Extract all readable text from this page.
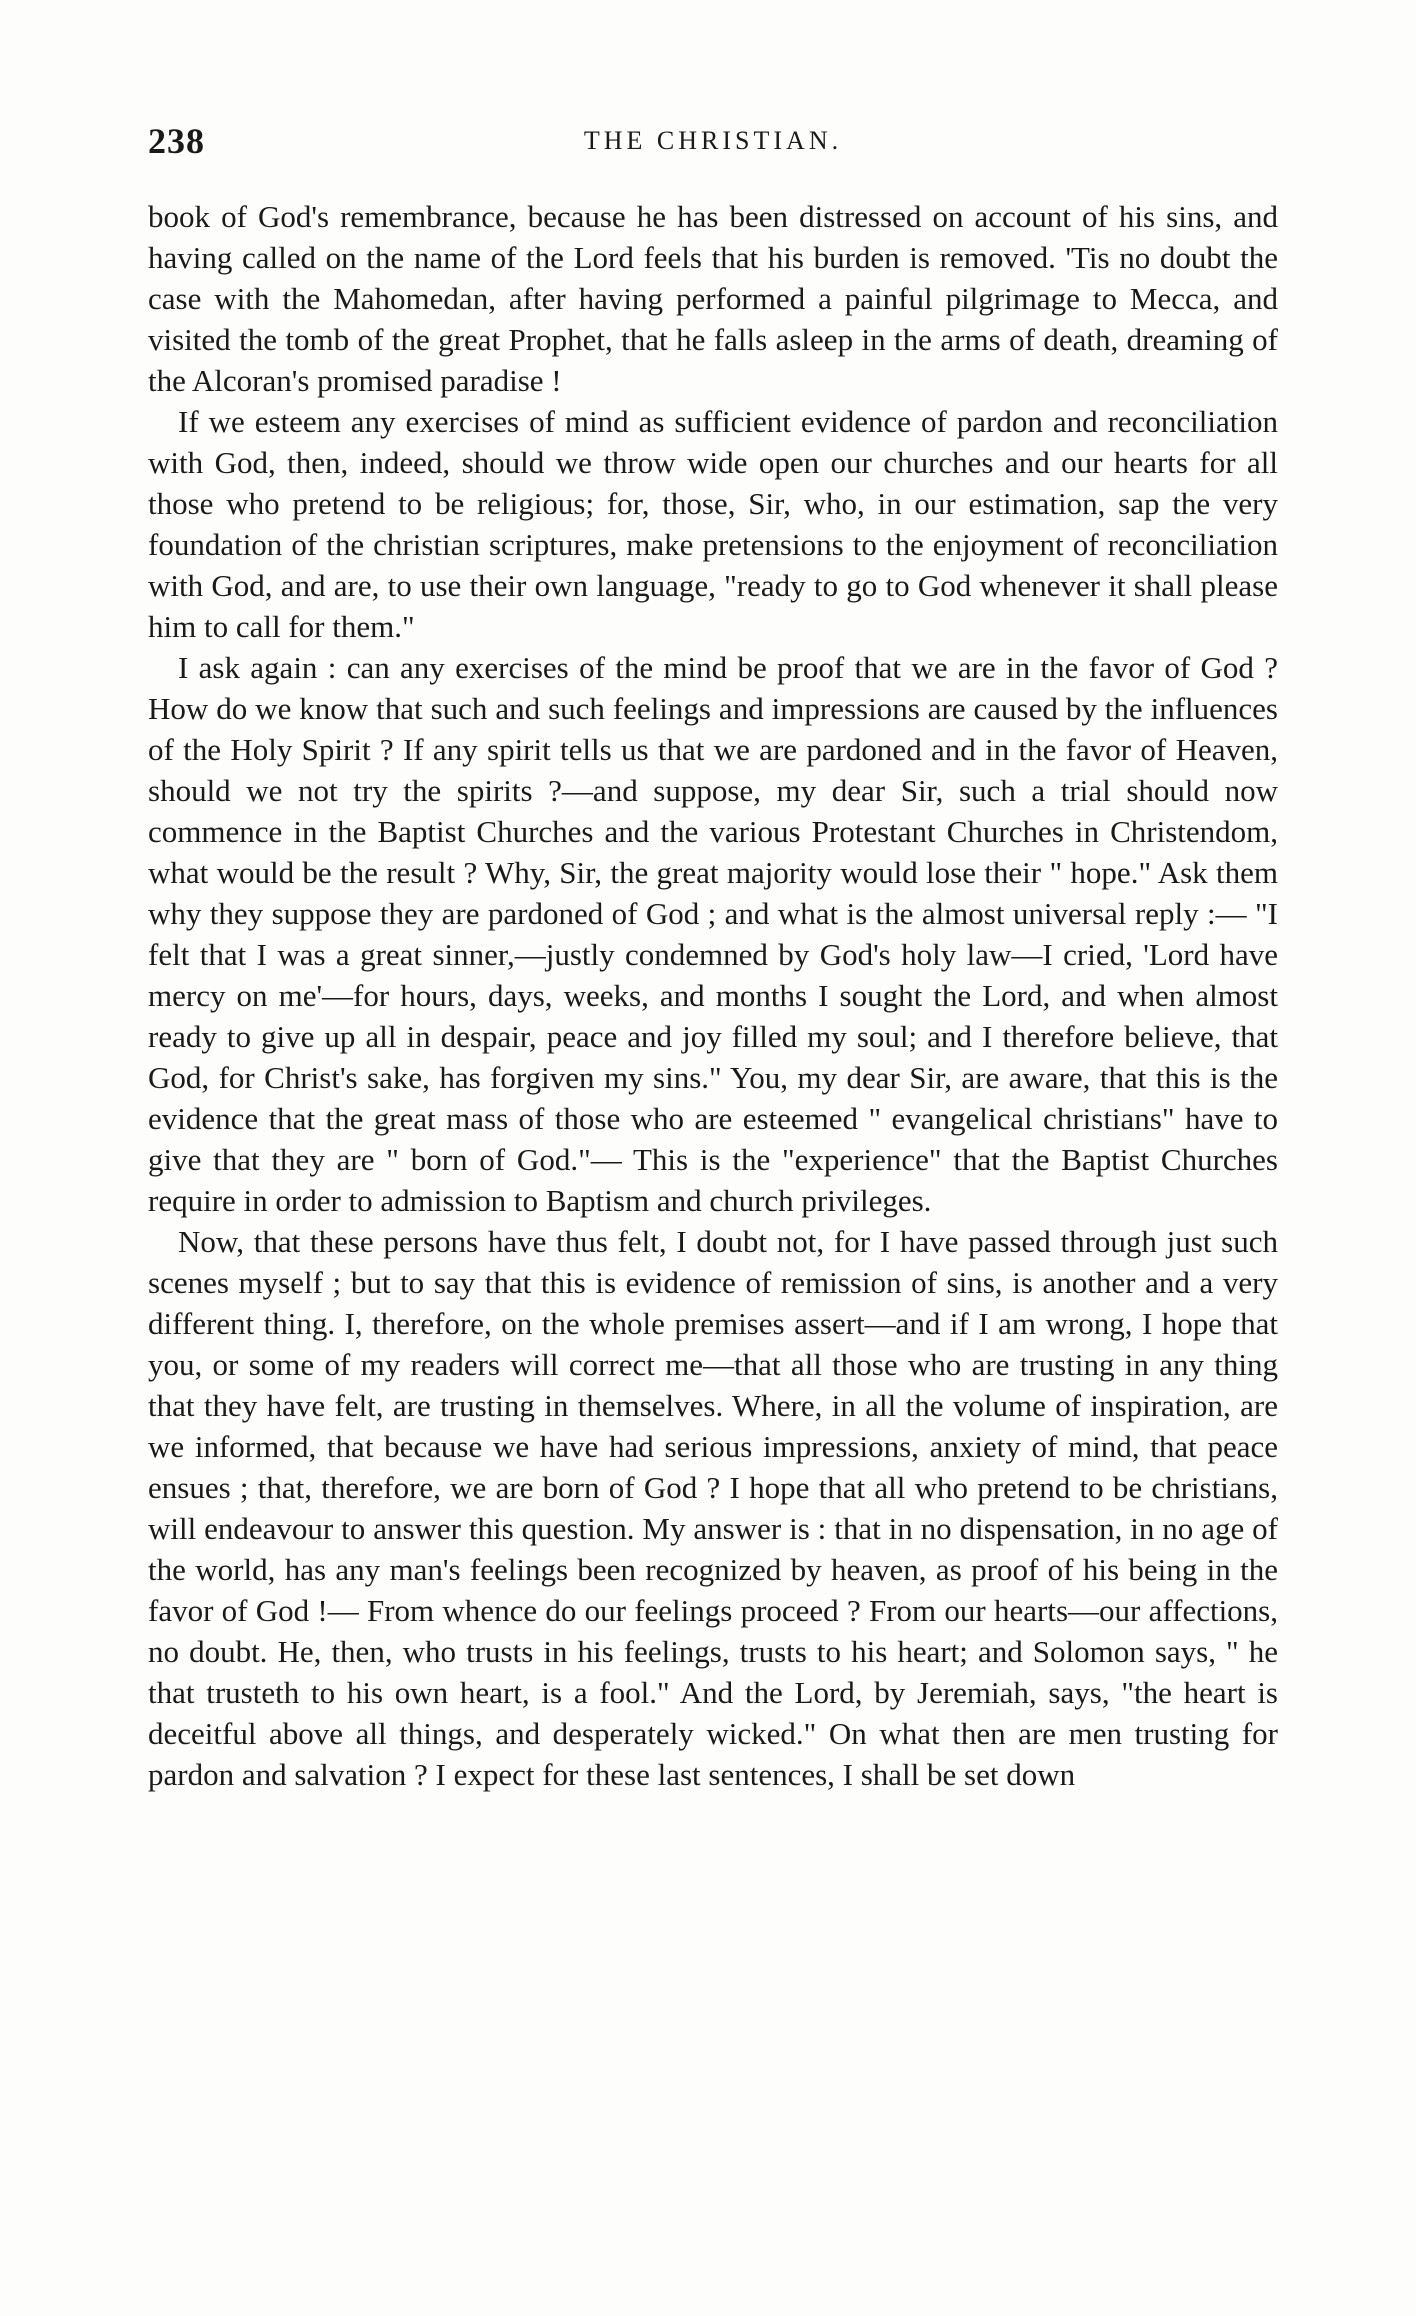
238	THE CHRISTIAN.

book of God's remembrance, because he has been distressed on account of his sins, and having called on the name of the Lord feels that his burden is removed. 'Tis no doubt the case with the Mahomedan, after having performed a painful pilgrimage to Mecca, and visited the tomb of the great Prophet, that he falls asleep in the arms of death, dreaming of the Alcoran's promised paradise !

If we esteem any exercises of mind as sufficient evidence of pardon and reconciliation with God, then, indeed, should we throw wide open our churches and our hearts for all those who pretend to be religious; for, those, Sir, who, in our estimation, sap the very foundation of the christian scriptures, make pretensions to the enjoyment of reconciliation with God, and are, to use their own language, "ready to go to God whenever it shall please him to call for them."

I ask again : can any exercises of the mind be proof that we are in the favor of God ? How do we know that such and such feelings and impressions are caused by the influences of the Holy Spirit ? If any spirit tells us that we are pardoned and in the favor of Heaven, should we not try the spirits ?—and suppose, my dear Sir, such a trial should now commence in the Baptist Churches and the various Protestant Churches in Christendom, what would be the result ? Why, Sir, the great majority would lose their " hope." Ask them why they suppose they are pardoned of God ; and what is the almost universal reply :— "I felt that I was a great sinner,—justly condemned by God's holy law—I cried, 'Lord have mercy on me'—for hours, days, weeks, and months I sought the Lord, and when almost ready to give up all in despair, peace and joy filled my soul; and I therefore believe, that God, for Christ's sake, has forgiven my sins." You, my dear Sir, are aware, that this is the evidence that the great mass of those who are esteemed " evangelical christians" have to give that they are " born of God."— This is the "experience" that the Baptist Churches require in order to admission to Baptism and church privileges.

Now, that these persons have thus felt, I doubt not, for I have passed through just such scenes myself ; but to say that this is evidence of remission of sins, is another and a very different thing. I, therefore, on the whole premises assert—and if I am wrong, I hope that you, or some of my readers will correct me—that all those who are trusting in any thing that they have felt, are trusting in themselves. Where, in all the volume of inspiration, are we informed, that because we have had serious impressions, anxiety of mind, that peace ensues ; that, therefore, we are born of God ? I hope that all who pretend to be christians, will endeavour to answer this question. My answer is : that in no dispensation, in no age of the world, has any man's feelings been recognized by heaven, as proof of his being in the favor of God !— From whence do our feelings proceed ? From our hearts—our affections, no doubt. He, then, who trusts in his feelings, trusts to his heart; and Solomon says, " he that trusteth to his own heart, is a fool." And the Lord, by Jeremiah, says, "the heart is deceitful above all things, and desperately wicked." On what then are men trusting for pardon and salvation ? I expect for these last sentences, I shall be set down
